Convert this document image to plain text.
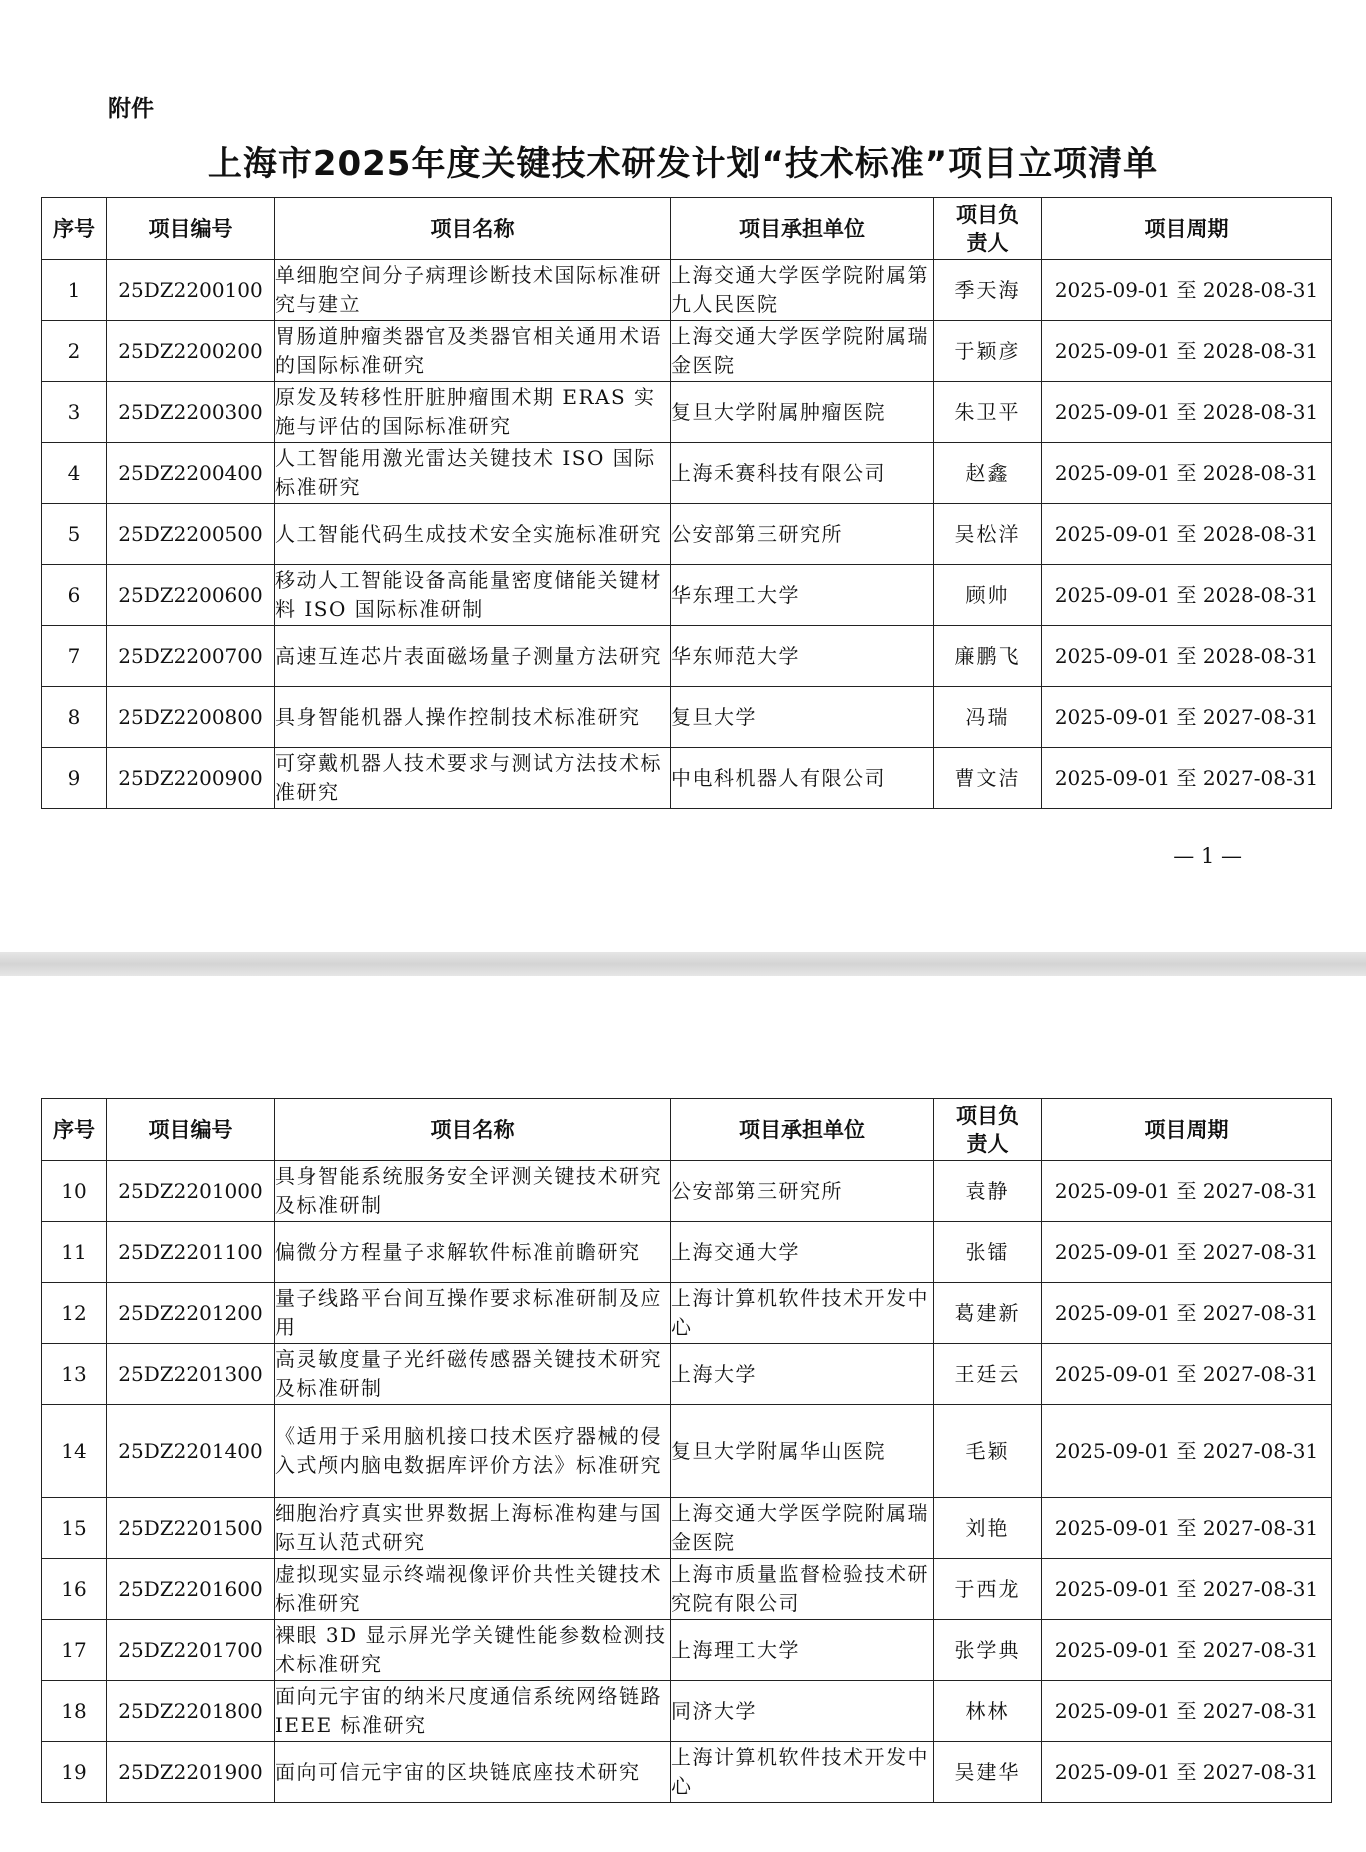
附件
上海市2025年度关键技术研发计划“技术标准”项目立项清单
序号	项目编号	项目名称	项目承担单位	项目负责人	项目周期
1	25DZ2200100	单细胞空间分子病理诊断技术国际标准研究与建立	上海交通大学医学院附属第九人民医院	季天海	2025-09-01 至 2028-08-31
2	25DZ2200200	胃肠道肿瘤类器官及类器官相关通用术语的国际标准研究	上海交通大学医学院附属瑞金医院	于颖彦	2025-09-01 至 2028-08-31
3	25DZ2200300	原发及转移性肝脏肿瘤围术期 ERAS 实施与评估的国际标准研究	复旦大学附属肿瘤医院	朱卫平	2025-09-01 至 2028-08-31
4	25DZ2200400	人工智能用激光雷达关键技术 ISO 国际标准研究	上海禾赛科技有限公司	赵鑫	2025-09-01 至 2028-08-31
5	25DZ2200500	人工智能代码生成技术安全实施标准研究	公安部第三研究所	吴松洋	2025-09-01 至 2028-08-31
6	25DZ2200600	移动人工智能设备高能量密度储能关键材料 ISO 国际标准研制	华东理工大学	顾帅	2025-09-01 至 2028-08-31
7	25DZ2200700	高速互连芯片表面磁场量子测量方法研究	华东师范大学	廉鹏飞	2025-09-01 至 2028-08-31
8	25DZ2200800	具身智能机器人操作控制技术标准研究	复旦大学	冯瑞	2025-09-01 至 2027-08-31
9	25DZ2200900	可穿戴机器人技术要求与测试方法技术标准研究	中电科机器人有限公司	曹文洁	2025-09-01 至 2027-08-31
— 1 —
序号	项目编号	项目名称	项目承担单位	项目负责人	项目周期
10	25DZ2201000	具身智能系统服务安全评测关键技术研究及标准研制	公安部第三研究所	袁静	2025-09-01 至 2027-08-31
11	25DZ2201100	偏微分方程量子求解软件标准前瞻研究	上海交通大学	张镭	2025-09-01 至 2027-08-31
12	25DZ2201200	量子线路平台间互操作要求标准研制及应用	上海计算机软件技术开发中心	葛建新	2025-09-01 至 2027-08-31
13	25DZ2201300	高灵敏度量子光纤磁传感器关键技术研究及标准研制	上海大学	王廷云	2025-09-01 至 2027-08-31
14	25DZ2201400	《适用于采用脑机接口技术医疗器械的侵入式颅内脑电数据库评价方法》标准研究	复旦大学附属华山医院	毛颖	2025-09-01 至 2027-08-31
15	25DZ2201500	细胞治疗真实世界数据上海标准构建与国际互认范式研究	上海交通大学医学院附属瑞金医院	刘艳	2025-09-01 至 2027-08-31
16	25DZ2201600	虚拟现实显示终端视像评价共性关键技术标准研究	上海市质量监督检验技术研究院有限公司	于西龙	2025-09-01 至 2027-08-31
17	25DZ2201700	裸眼 3D 显示屏光学关键性能参数检测技术标准研究	上海理工大学	张学典	2025-09-01 至 2027-08-31
18	25DZ2201800	面向元宇宙的纳米尺度通信系统网络链路 IEEE 标准研究	同济大学	林林	2025-09-01 至 2027-08-31
19	25DZ2201900	面向可信元宇宙的区块链底座技术研究	上海计算机软件技术开发中心	吴建华	2025-09-01 至 2027-08-31
